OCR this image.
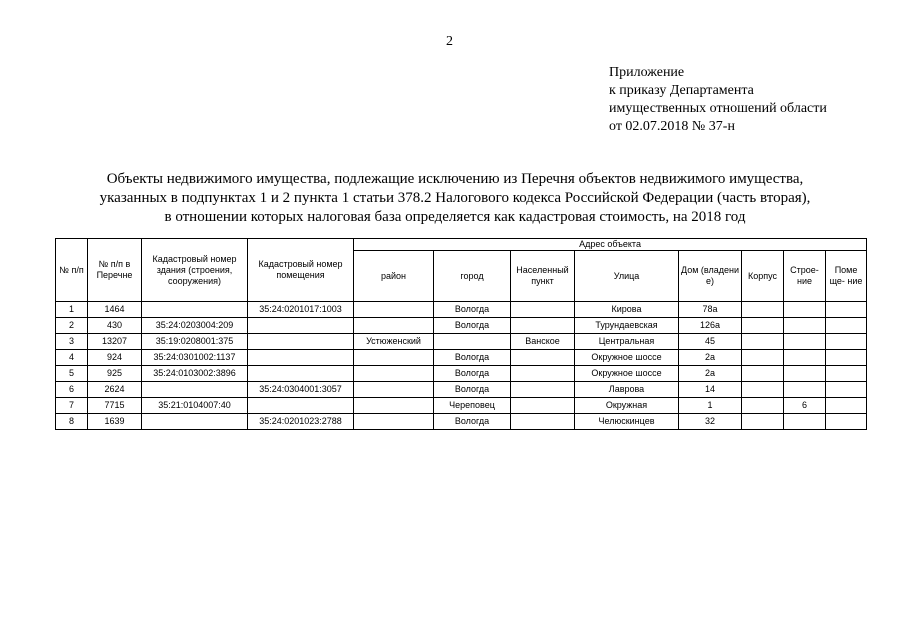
2
Приложение
к приказу Департамента
имущественных отношений области
от 02.07.2018 № 37-н
Объекты недвижимого имущества, подлежащие исключению из Перечня объектов недвижимого имущества,
указанных в подпунктах 1 и 2 пункта 1 статьи 378.2 Налогового кодекса Российской Федерации (часть вторая),
в отношении которых налоговая база определяется как кадастровая стоимость, на 2018 год
№ п/п	№ п/п в Перечне	Кадастровый номер здания (строения, сооружения)	Кадастровый номер помещения	Адрес объекта							
				район	город	Населенный пункт	Улица	Дом (владени е)	Корпус	Строе- ние	Поме ще- ние
1	1464		35:24:0201017:1003		Вологда		Кирова	78а			
2	430	35:24:0203004:209			Вологда		Турундаевская	126а			
3	13207	35:19:0208001:375		Устюженский		Ванское	Центральная	45			
4	924	35:24:0301002:1137			Вологда		Окружное шоссе	2а			
5	925	35:24:0103002:3896			Вологда		Окружное шоссе	2а			
6	2624		35:24:0304001:3057		Вологда		Лаврова	14			
7	7715	35:21:0104007:40			Череповец		Окружная	1		6	
8	1639		35:24:0201023:2788		Вологда		Челюскинцев	32			
